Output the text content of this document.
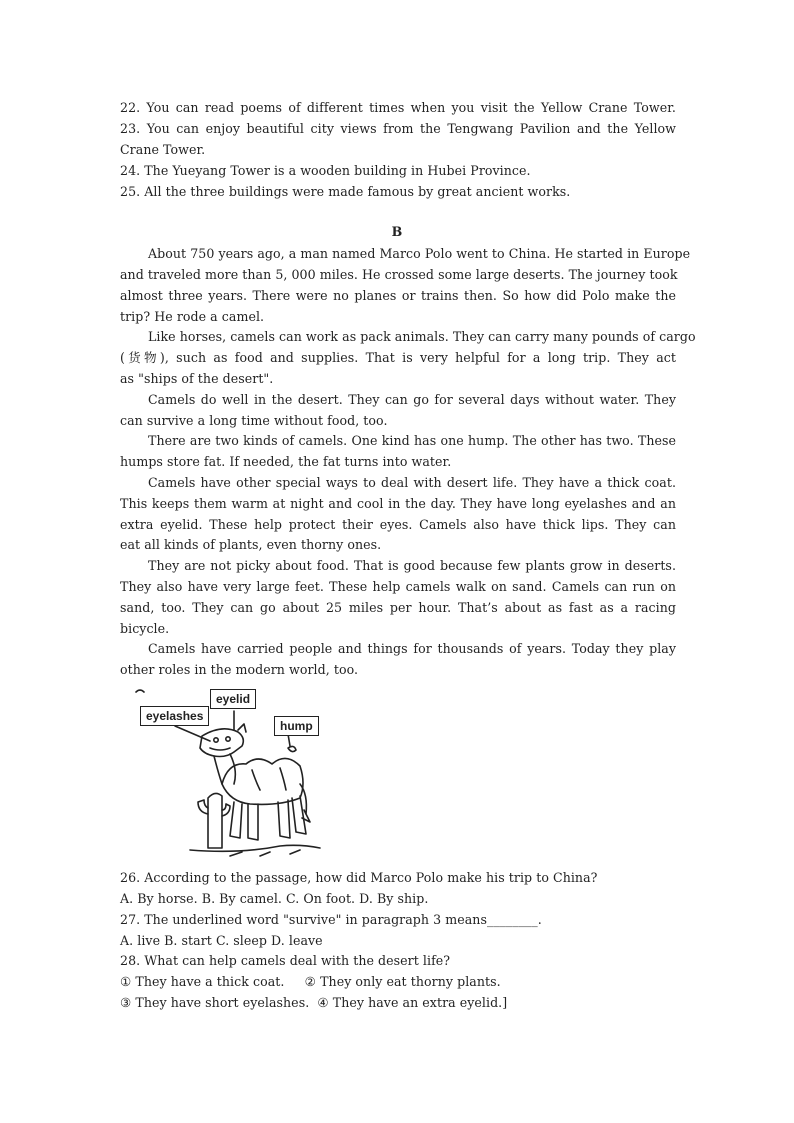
22. You can read poems of different times when you visit the Yellow Crane Tower.
23. You can enjoy beautiful city views from the Tengwang Pavilion and the Yellow
Crane Tower.
24. The Yueyang Tower is a wooden building in Hubei Province.
25. All the three buildings were made famous by great ancient works.
B
About 750 years ago, a man named Marco Polo went to China. He started in Europe
and traveled more than 5, 000 miles. He crossed some large deserts. The journey took
almost three years. There were no planes or trains then. So how did Polo make the
trip? He rode a camel.
Like horses, camels can work as pack animals. They can carry many pounds of cargo
(货物), such as food and supplies. That is very helpful for a long trip. They act
as "ships of the desert".
Camels do well in the desert. They can go for several days without water. They
can survive a long time without food, too.
There are two kinds of camels. One kind has one hump. The other has two. These
humps store fat. If needed, the fat turns into water.
Camels have other special ways to deal with desert life. They have a thick coat.
This keeps them warm at night and cool in the day. They have long eyelashes and an
extra eyelid. These help protect their eyes. Camels also have thick lips. They can
eat all kinds of plants, even thorny ones.
They are not picky about food. That is good because few plants grow in deserts.
They also have very large feet. These help camels walk on sand. Camels can run on
sand, too. They can go about 25 miles per hour. That’s about as fast as a racing
bicycle.
Camels have carried people and things for thousands of years. Today they play
other roles in the modern world, too.
eyelashes
eyelid
hump
26. According to the passage, how did Marco Polo make his trip to China?
A. By horse. B. By camel. C. On foot. D. By ship.
27. The underlined word "survive" in paragraph 3 means________.
A. live B. start C. sleep D. leave
28. What can help camels deal with the desert life?
① They have a thick coat.     ② They only eat thorny plants.
③ They have short eyelashes.  ④ They have an extra eyelid.]
